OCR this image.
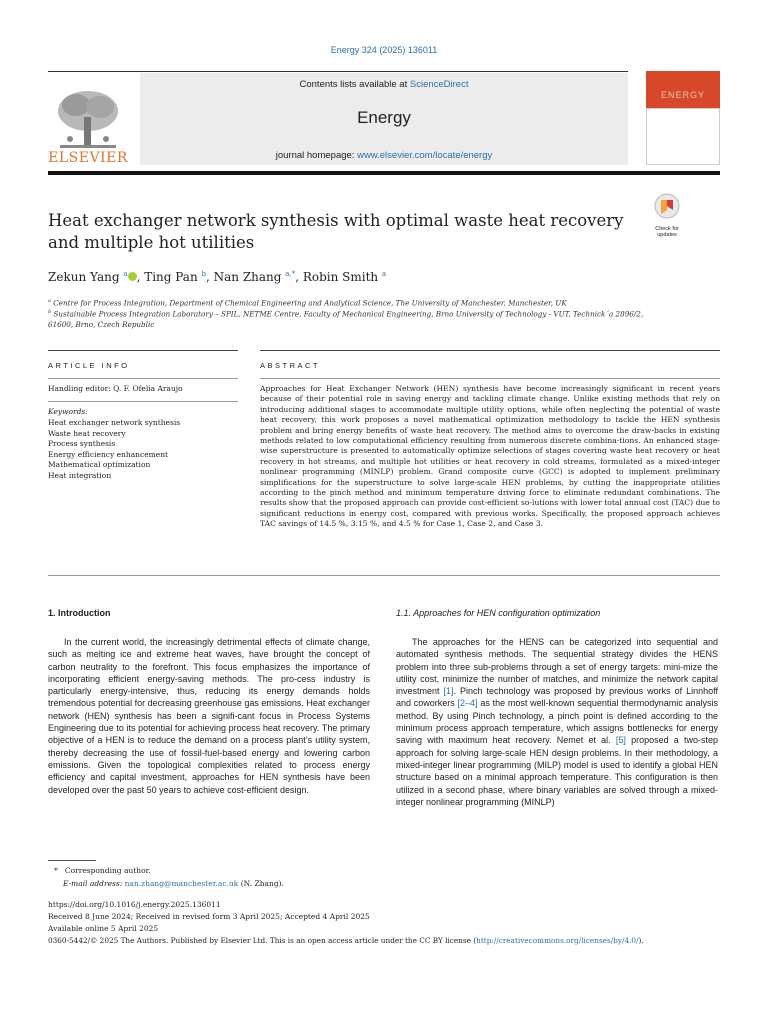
Energy 324 (2025) 136011
Contents lists available at ScienceDirect
Energy
journal homepage: www.elsevier.com/locate/energy
ELSEVIER
ENERGY
Heat exchanger network synthesis with optimal waste heat recovery and multiple hot utilities
Check for updates
Zekun Yang $^a$ , Ting Pan $^b$, Nan Zhang $^{a,*}$, Robin Smith $^a$
$^a$ Centre for Process Integration, Department of Chemical Engineering and Analytical Science, The University of Manchester, Manchester, UK
$^b$ Sustainable Process Integration Laboratory – SPIL, NETME Centre, Faculty of Mechanical Engineering, Brno University of Technology - VUT, Technick´a 2896/2, 61600, Brno, Czech Republic
ARTICLE INFO
Handling editor: Q. F. Ofelia Araujo
Keywords:
Heat exchanger network synthesis
Waste heat recovery
Process synthesis
Energy efficiency enhancement
Mathematical optimization
Heat integration
ABSTRACT
Approaches for Heat Exchanger Network (HEN) synthesis have become increasingly significant in recent years because of their potential role in saving energy and tackling climate change. Unlike existing methods that rely on introducing additional stages to accommodate multiple utility options, while often neglecting the potential of waste heat recovery, this work proposes a novel mathematical optimization methodology to tackle the HEN synthesis problem and bring energy benefits of waste heat recovery. The method aims to overcome the draw-backs in existing methods related to low computational efficiency resulting from numerous discrete combina-tions. An enhanced stage-wise superstructure is presented to automatically optimize selections of stages covering waste heat recovery or heat recovery in hot streams, and multiple hot utilities or heat recovery in cold streams, formulated as a mixed-integer nonlinear programming (MINLP) problem. Grand composite curve (GCC) is adopted to implement preliminary simplifications for the superstructure to solve large-scale HEN problems, by cutting the inappropriate utilities according to the pinch method and minimum temperature driving force to eliminate redundant combinations. The results show that the proposed approach can provide cost-efficient so-lutions with lower total annual cost (TAC) due to significant reductions in energy cost, compared with previous works. Specifically, the proposed approach achieves TAC savings of 14.5 %, 3.15 %, and 4.5 % for Case 1, Case 2, and Case 3.
1. Introduction
In the current world, the increasingly detrimental effects of climate change, such as melting ice and extreme heat waves, have brought the concept of carbon neutrality to the forefront. This focus emphasizes the importance of incorporating efficient energy-saving methods. The pro-cess industry is particularly energy-intensive, thus, reducing its energy demands holds tremendous potential for decreasing greenhouse gas emissions. Heat exchanger network (HEN) synthesis has been a signifi-cant focus in Process Systems Engineering due to its potential for achieving process heat recovery. The primary objective of a HEN is to reduce the demand on a process plant’s utility system, thereby decreasing the use of fossil-fuel-based energy and lowering carbon emissions. Given the topological complexities related to process energy efficiency and capital investment, approaches for HEN synthesis have been developed over the past 50 years to achieve cost-efficient design.
1.1. Approaches for HEN configuration optimization
The approaches for the HENS can be categorized into sequential and automated synthesis methods. The sequential strategy divides the HENS problem into three sub-problems through a set of energy targets: mini-mize the utility cost, minimize the number of matches, and minimize the network capital investment [1]. Pinch technology was proposed by previous works of Linnhoff and coworkers [2–4] as the most well-known sequential thermodynamic analysis method. By using Pinch technology, a pinch point is defined according to the minimum process approach temperature, which assigns bottlenecks for energy saving with maximum heat recovery. Nemet et al. [5] proposed a two-step approach for solving large-scale HEN design problems. In their methodology, a mixed-integer linear programming (MILP) model is used to identify a global HEN structure based on a minimal approach temperature. This configuration is then utilized in a second phase, where binary variables are solved through a mixed-integer nonlinear programming (MINLP)
* Corresponding author.
E-mail address: nan.zhang@manchester.ac.uk (N. Zhang).
https://doi.org/10.1016/j.energy.2025.136011
Received 8 June 2024; Received in revised form 3 April 2025; Accepted 4 April 2025
Available online 5 April 2025
0360-5442/© 2025 The Authors. Published by Elsevier Ltd. This is an open access article under the CC BY license (http://creativecommons.org/licenses/by/4.0/).
